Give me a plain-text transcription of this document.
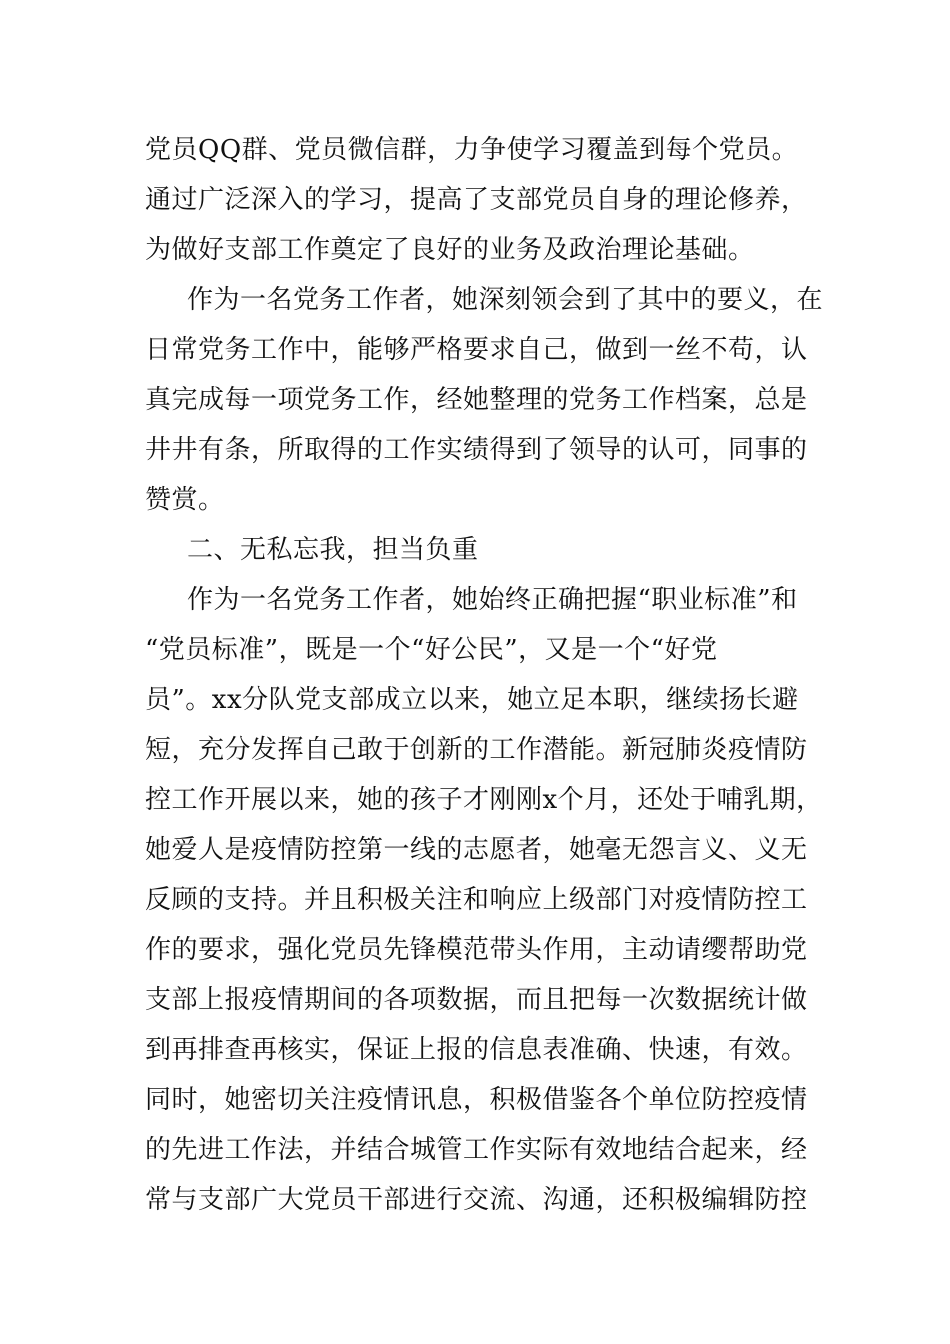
党员QQ群、党员微信群，力争使学习覆盖到每个党员。
通过广泛深入的学习，提高了支部党员自身的理论修养，
为做好支部工作奠定了良好的业务及政治理论基础。
作为一名党务工作者，她深刻领会到了其中的要义，在
日常党务工作中，能够严格要求自己，做到一丝不苟，认
真完成每一项党务工作，经她整理的党务工作档案，总是
井井有条，所取得的工作实绩得到了领导的认可，同事的
赞赏。
二、无私忘我，担当负重
作为一名党务工作者，她始终正确把握“职业标准”和
“党员标准”，既是一个“好公民”，又是一个“好党
员”。xx分队党支部成立以来，她立足本职，继续扬长避
短，充分发挥自己敢于创新的工作潜能。新冠肺炎疫情防
控工作开展以来，她的孩子才刚刚x个月，还处于哺乳期，
她爱人是疫情防控第一线的志愿者，她毫无怨言义、义无
反顾的支持。并且积极关注和响应上级部门对疫情防控工
作的要求，强化党员先锋模范带头作用，主动请缨帮助党
支部上报疫情期间的各项数据，而且把每一次数据统计做
到再排查再核实，保证上报的信息表准确、快速，有效。
同时，她密切关注疫情讯息，积极借鉴各个单位防控疫情
的先进工作法，并结合城管工作实际有效地结合起来，经
常与支部广大党员干部进行交流、沟通，还积极编辑防控
